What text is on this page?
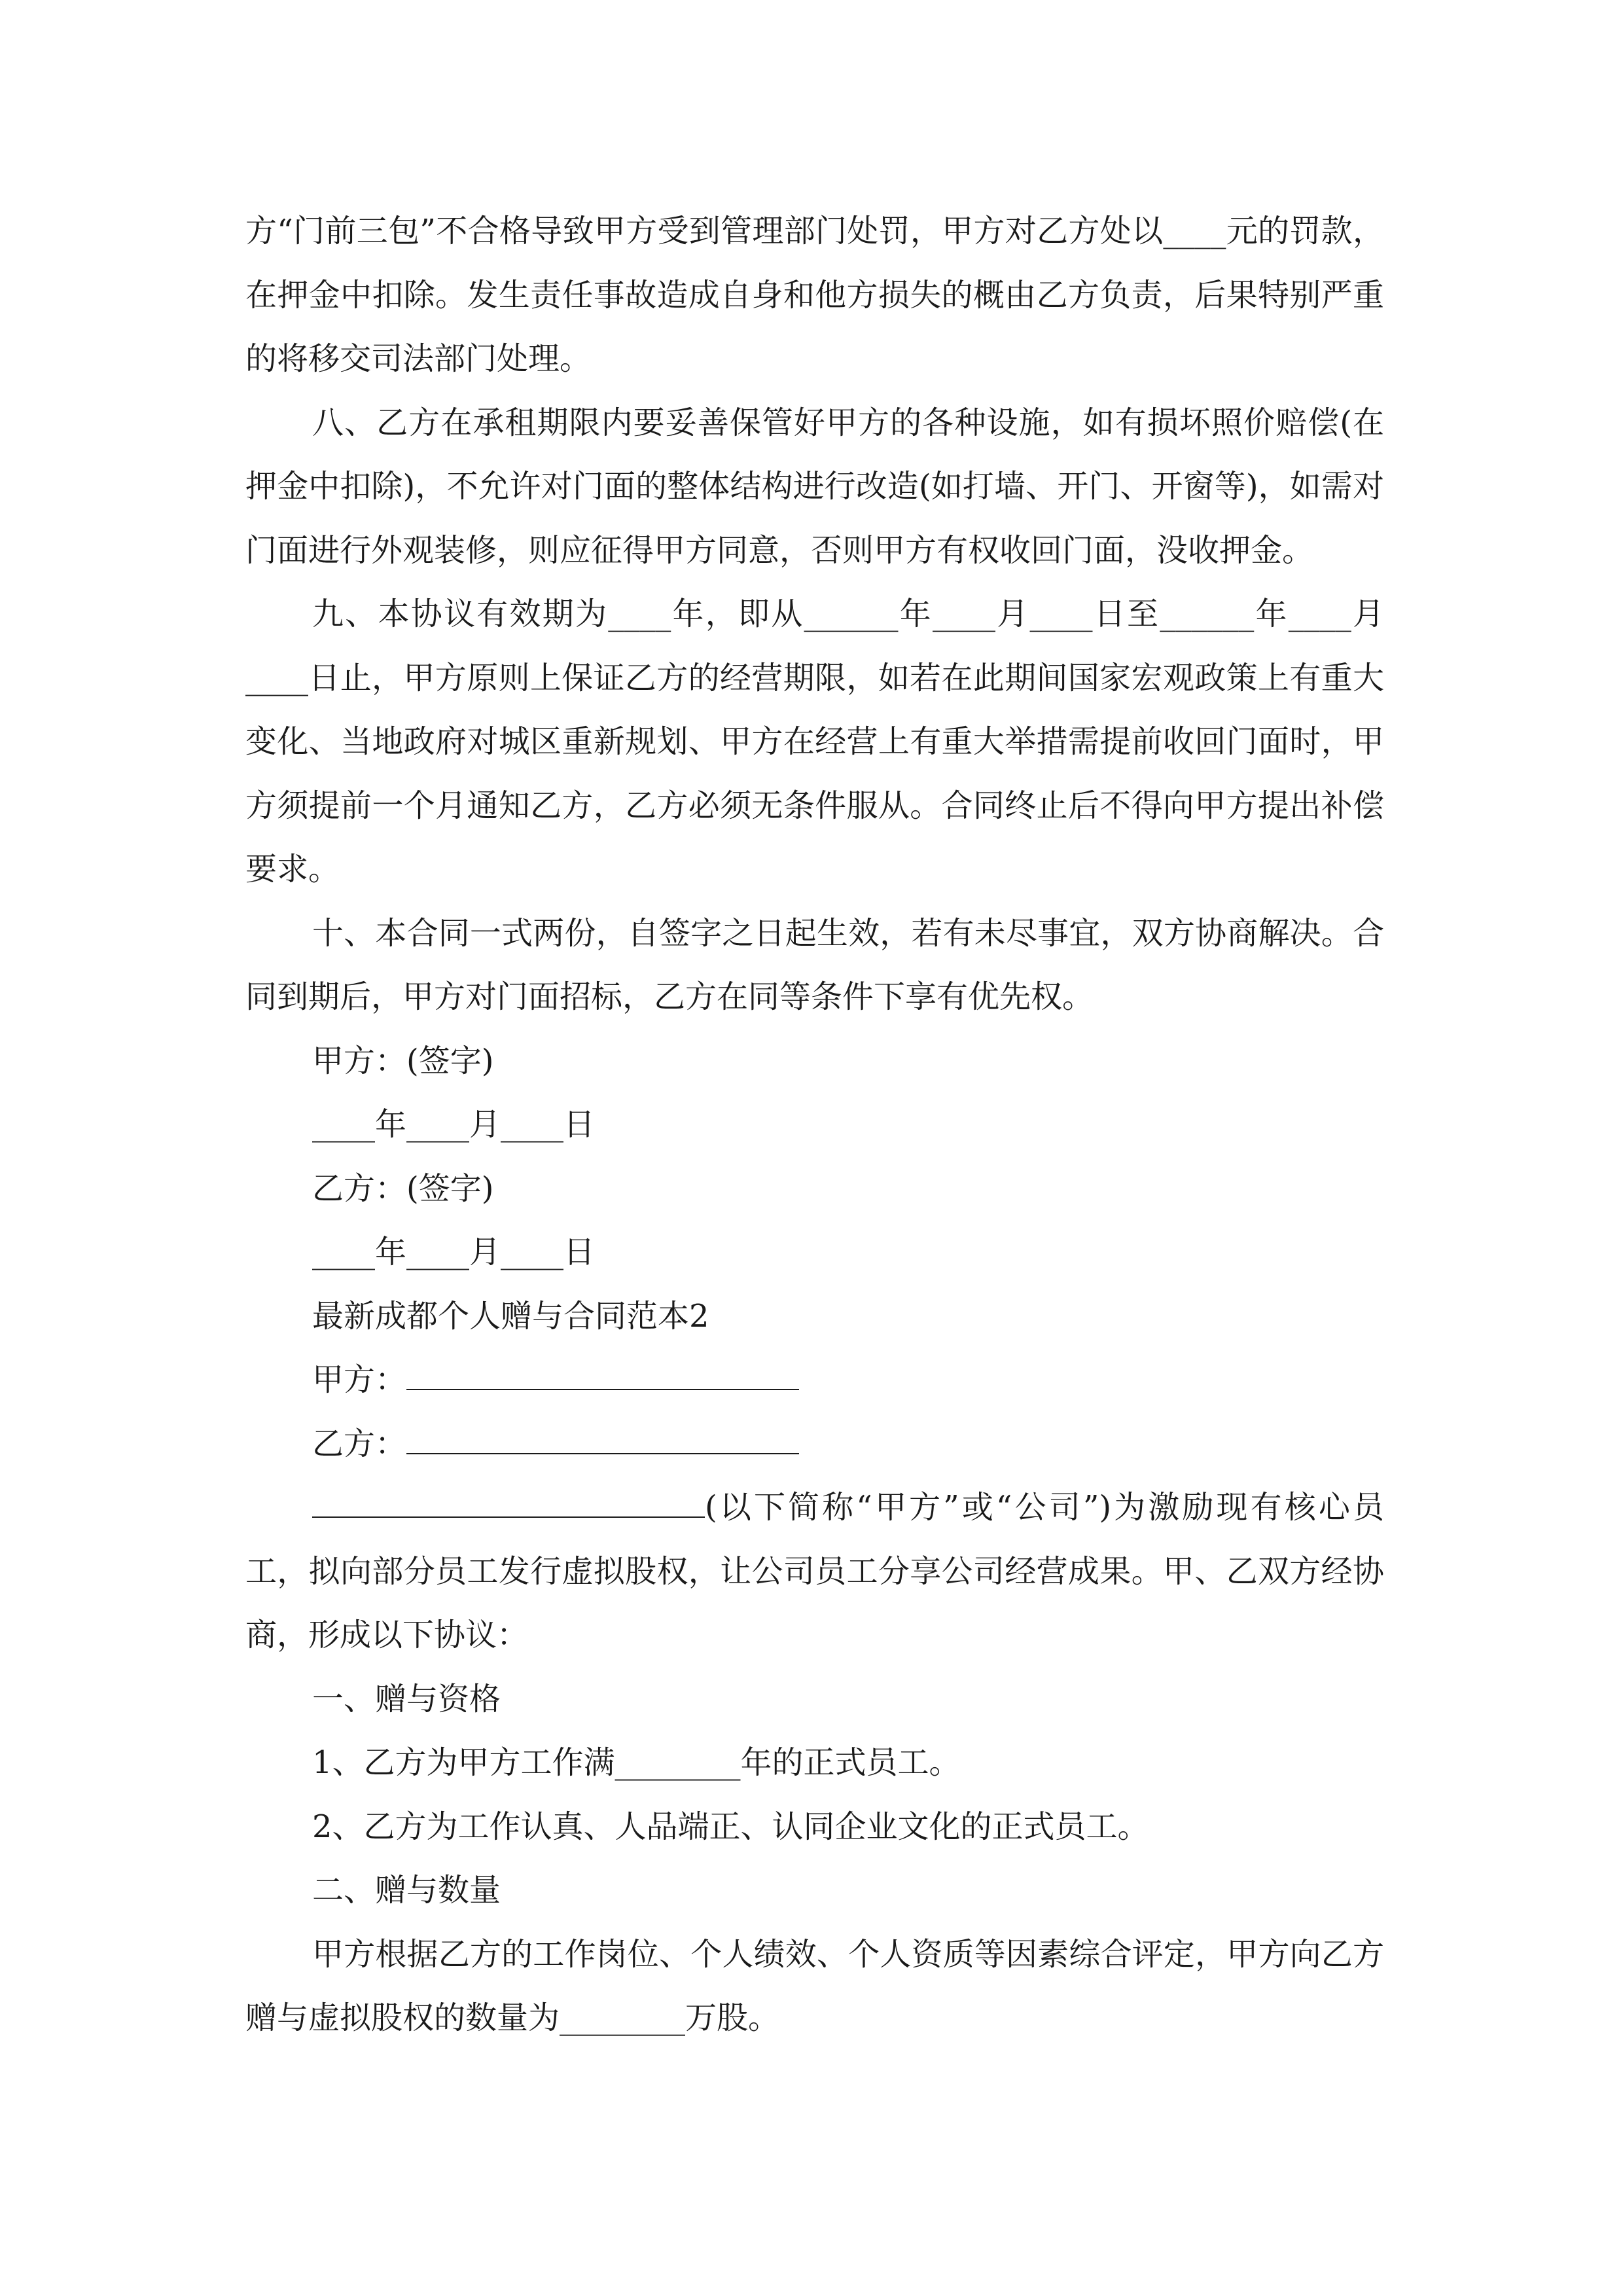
方“门前三包”不合格导致甲方受到管理部门处罚，甲方对乙方处以____元的罚款，在押金中扣除。发生责任事故造成自身和他方损失的概由乙方负责，后果特别严重的将移交司法部门处理。

八、乙方在承租期限内要妥善保管好甲方的各种设施，如有损坏照价赔偿(在押金中扣除)，不允许对门面的整体结构进行改造(如打墙、开门、开窗等)，如需对门面进行外观装修，则应征得甲方同意，否则甲方有权收回门面，没收押金。

九、本协议有效期为____年，即从______年____月____日至______年____月____日止，甲方原则上保证乙方的经营期限，如若在此期间国家宏观政策上有重大变化、当地政府对城区重新规划、甲方在经营上有重大举措需提前收回门面时，甲方须提前一个月通知乙方，乙方必须无条件服从。合同终止后不得向甲方提出补偿要求。

十、本合同一式两份，自签字之日起生效，若有未尽事宜，双方协商解决。合同到期后，甲方对门面招标，乙方在同等条件下享有优先权。

甲方：(签字)

____年____月____日

乙方：(签字)

____年____月____日

最新成都个人赠与合同范本2

甲方：

乙方：

(以下简称“甲方”或“公司”)为激励现有核心员工，拟向部分员工发行虚拟股权，让公司员工分享公司经营成果。甲、乙双方经协商，形成以下协议：

一、赠与资格

1、乙方为甲方工作满________年的正式员工。

2、乙方为工作认真、人品端正、认同企业文化的正式员工。

二、赠与数量

甲方根据乙方的工作岗位、个人绩效、个人资质等因素综合评定，甲方向乙方赠与虚拟股权的数量为________万股。
